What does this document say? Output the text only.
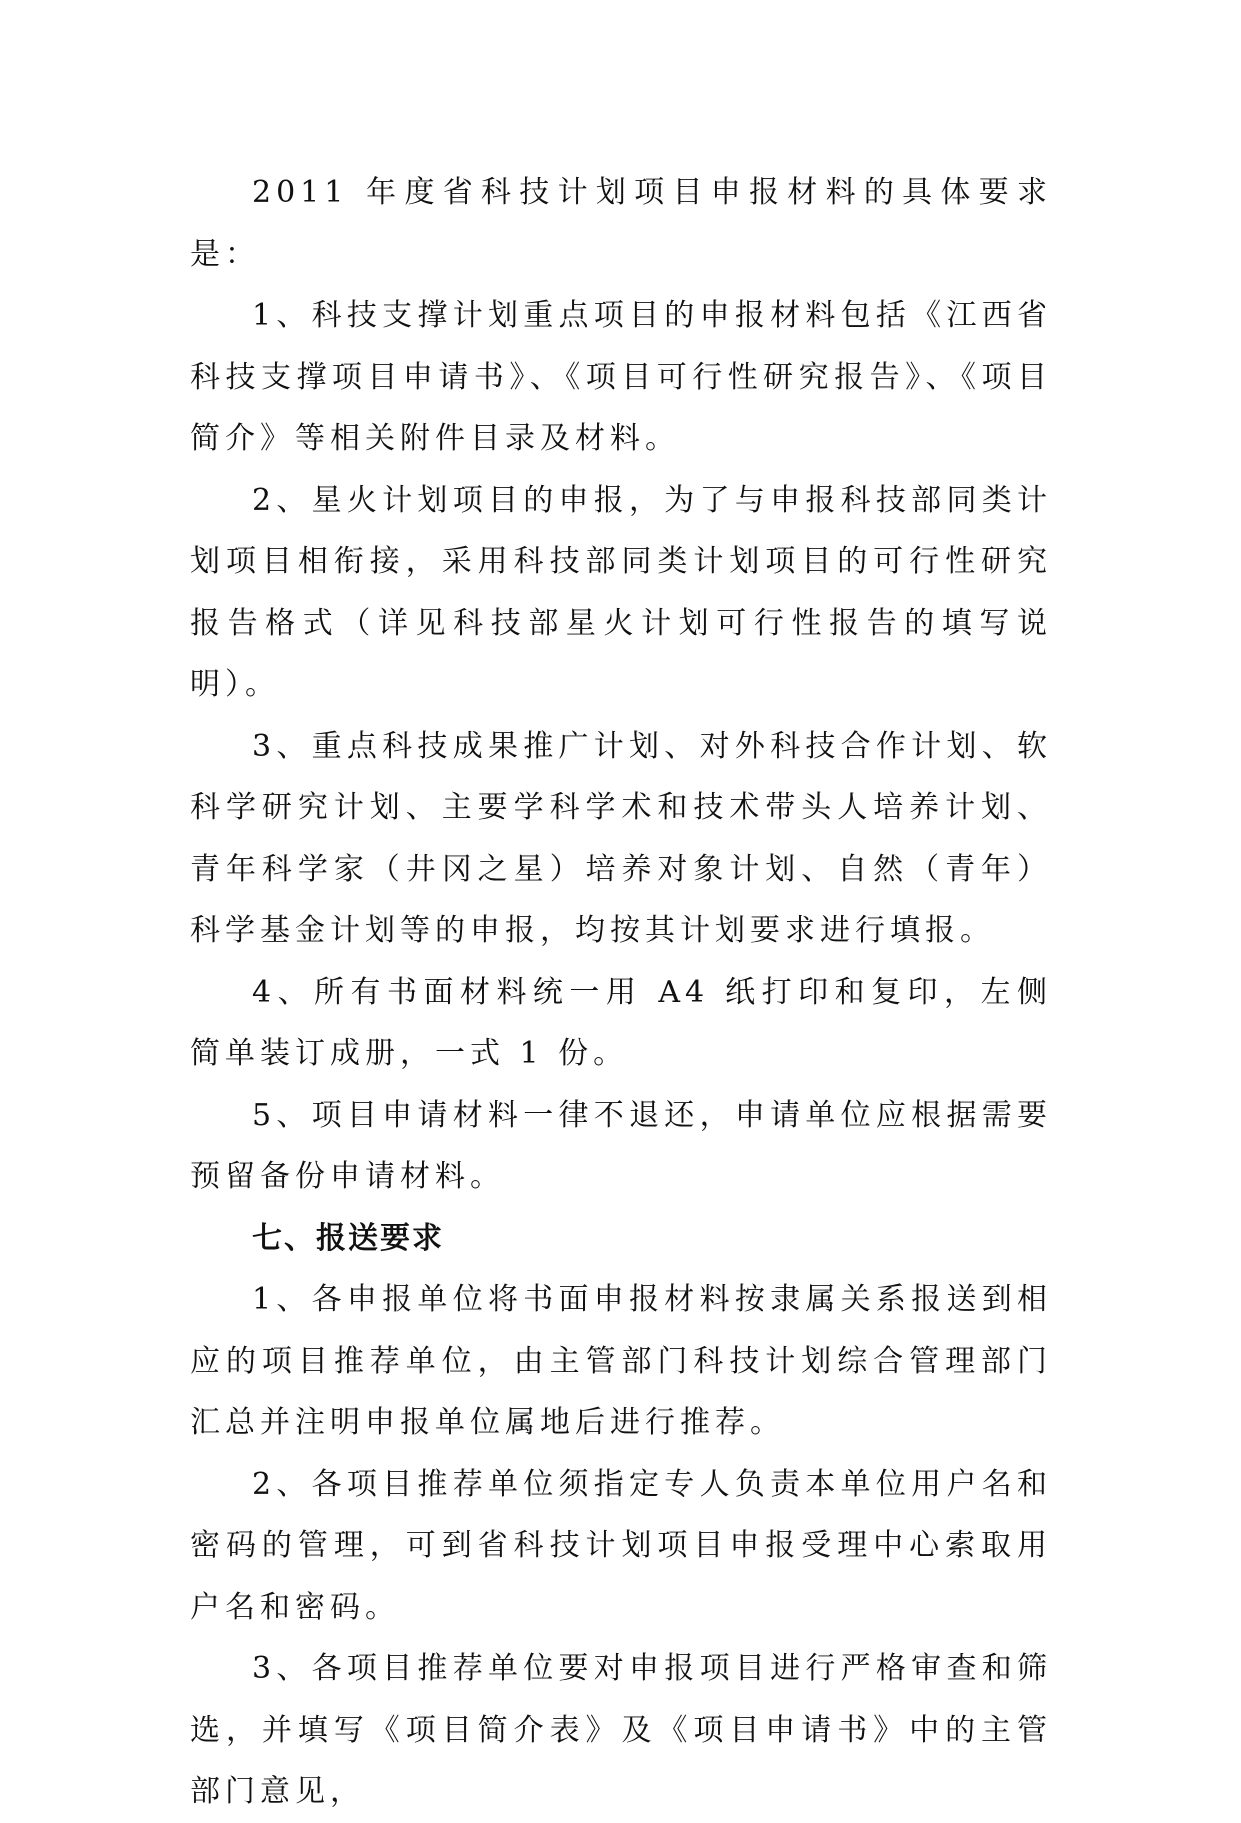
2011 年度省科技计划项目申报材料的具体要求是：

1、科技支撑计划重点项目的申报材料包括《江西省科技支撑项目申请书》、《项目可行性研究报告》、《项目简介》等相关附件目录及材料。

2、星火计划项目的申报，为了与申报科技部同类计划项目相衔接，采用科技部同类计划项目的可行性研究报告格式（详见科技部星火计划可行性报告的填写说明）。

3、重点科技成果推广计划、对外科技合作计划、软科学研究计划、主要学科学术和技术带头人培养计划、青年科学家（井冈之星）培养对象计划、自然（青年）科学基金计划等的申报，均按其计划要求进行填报。

4、所有书面材料统一用 A4 纸打印和复印，左侧简单装订成册，一式 1 份。

5、项目申请材料一律不退还，申请单位应根据需要预留备份申请材料。

七、报送要求

1、各申报单位将书面申报材料按隶属关系报送到相应的项目推荐单位，由主管部门科技计划综合管理部门汇总并注明申报单位属地后进行推荐。

2、各项目推荐单位须指定专人负责本单位用户名和密码的管理，可到省科技计划项目申报受理中心索取用户名和密码。

3、各项目推荐单位要对申报项目进行严格审查和筛选，并填写《项目简介表》及《项目申请书》中的主管部门意见，
